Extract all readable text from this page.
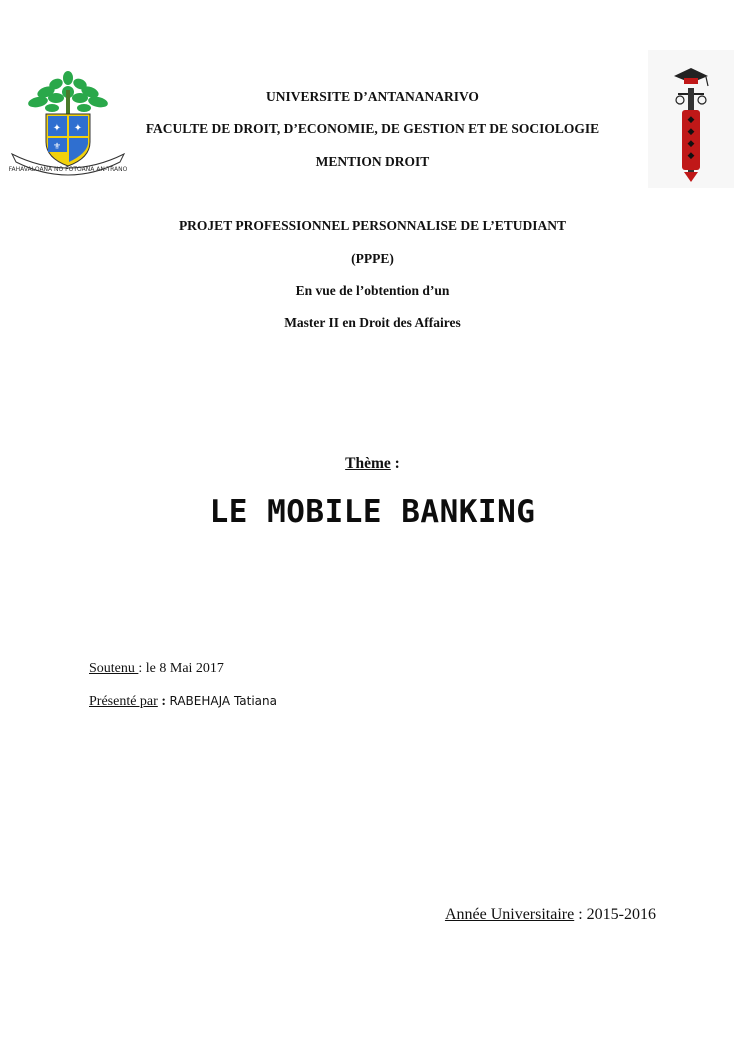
✦ ✦
⚜
FAHAVALOANA NO FOTOANA AN-TRANO
◆
◆
◆
◆
UNIVERSITE D’ANTANANARIVO
FACULTE DE DROIT, D’ECONOMIE, DE GESTION ET DE SOCIOLOGIE
MENTION DROIT
PROJET PROFESSIONNEL PERSONNALISE DE L’ETUDIANT
(PPPE)
En vue de l’obtention d’un
Master II en Droit des Affaires
Thème :
LE MOBILE BANKING
Soutenu : le 8 Mai 2017
Présenté par : RABEHAJA Tatiana
Année Universitaire : 2015-2016
